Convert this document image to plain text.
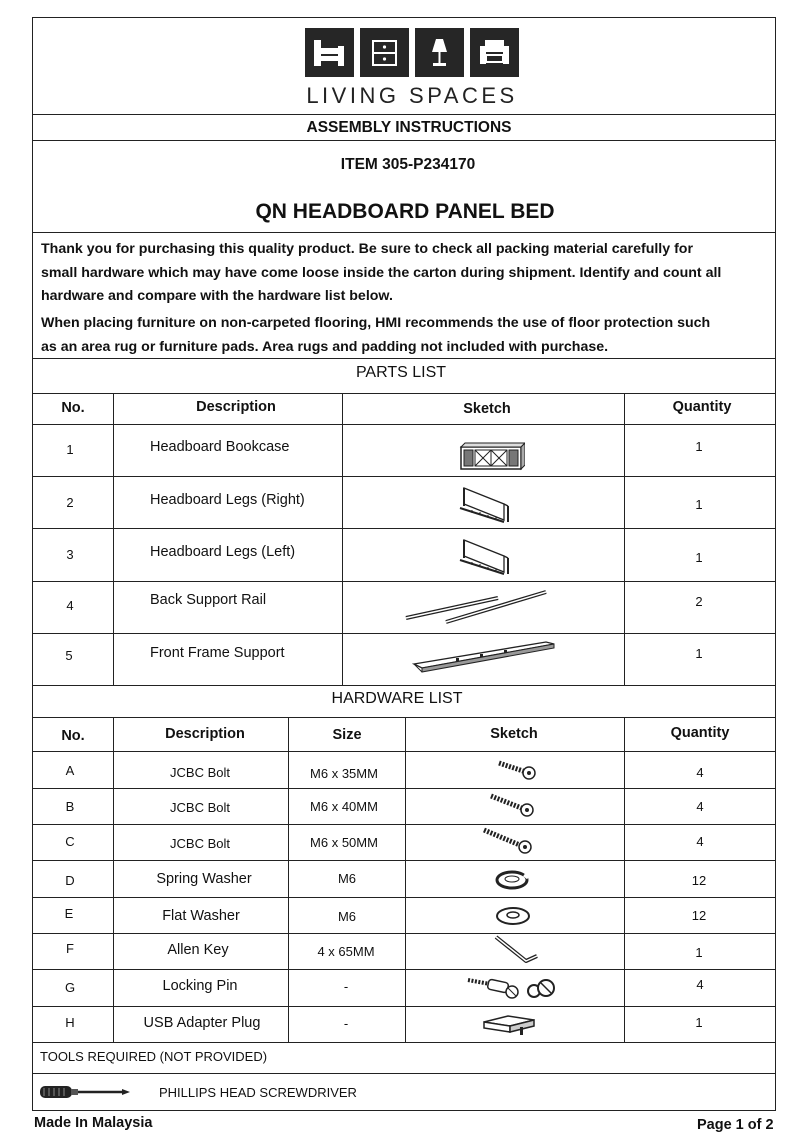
LIVING SPACES
ASSEMBLY INSTRUCTIONS
ITEM 305-P234170
QN HEADBOARD PANEL BED
Thank you for purchasing this quality product. Be sure to check all packing material carefully for
small hardware which may have come loose inside the carton during shipment. Identify and count all
hardware and compare with the hardware list below.
When placing furniture on non-carpeted flooring, HMI recommends the use of floor protection such
as an area rug or furniture pads. Area rugs and padding not included with purchase.
PARTS LIST
No.	Description	Sketch	Quantity
1	Headboard Bookcase	1
2	Headboard Legs (Right)	1
3	Headboard Legs (Left)	1
4	Back Support Rail	2
5	Front Frame Support	1
HARDWARE LIST
No.	Description	Size	Sketch	Quantity
A	JCBC Bolt	M6 x 35MM	4
B	JCBC Bolt	M6 x 40MM	4
C	JCBC Bolt	M6 x 50MM	4
D	Spring Washer	M6	12
E	Flat Washer	M6	12
F	Allen Key	4 x 65MM	1
G	Locking Pin	-	4
H	USB Adapter Plug	-	1
TOOLS REQUIRED (NOT PROVIDED)
PHILLIPS HEAD SCREWDRIVER
Made In Malaysia	Page 1 of 2
